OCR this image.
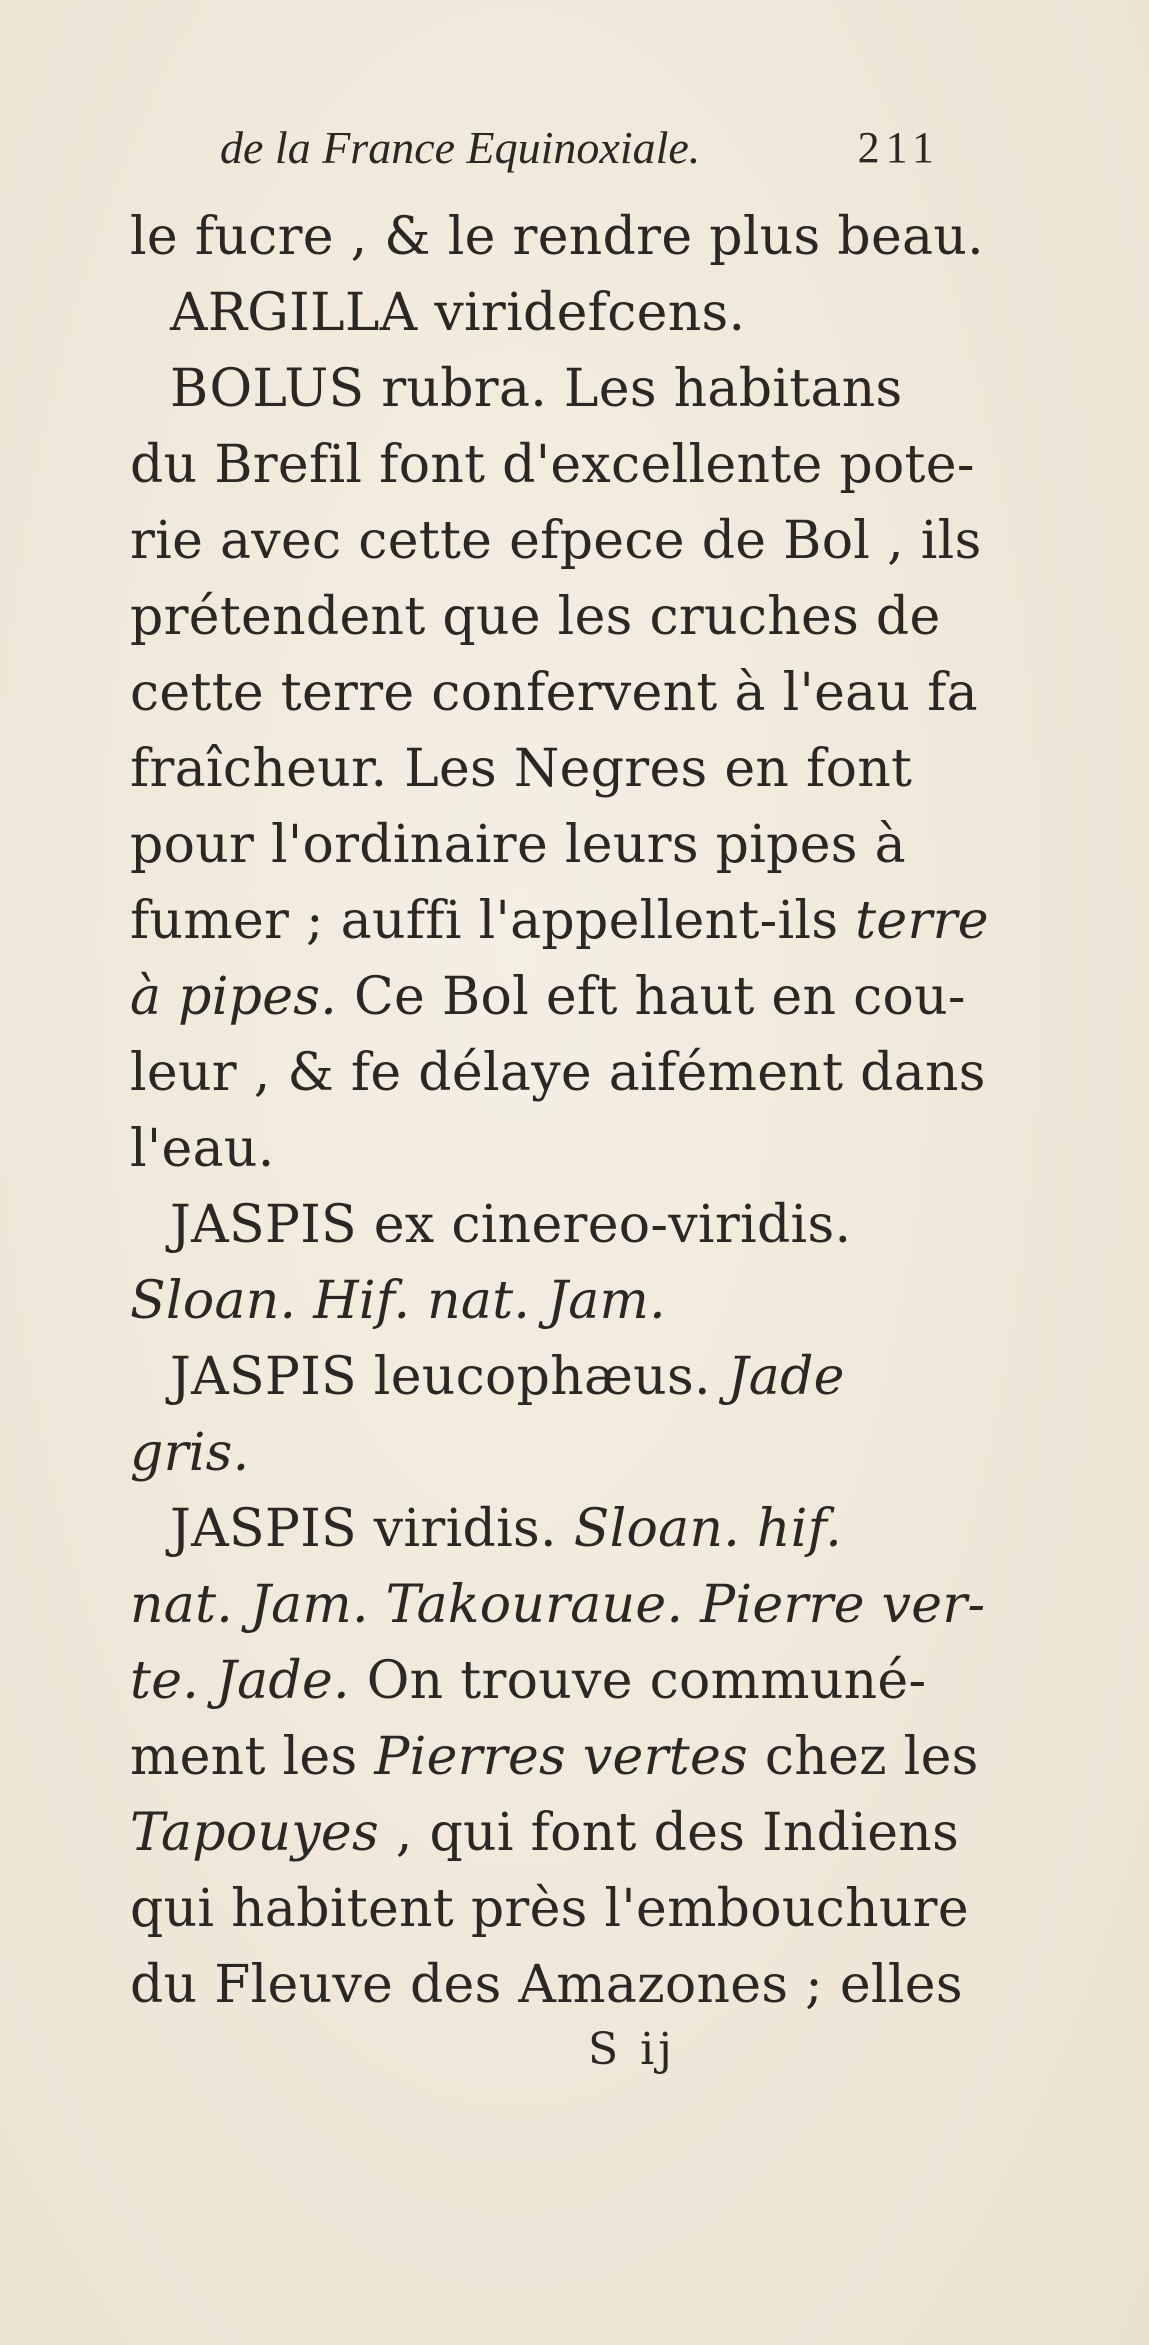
de la France Equinoxiale.	211
le fucre , & le rendre plus beau.
ARGILLA viridefcens.
BOLUS rubra. Les habitans
du Brefil font d'excellente pote-
rie avec cette efpece de Bol , ils
prétendent que les cruches de
cette terre confervent à l'eau fa
fraîcheur. Les Negres en font
pour l'ordinaire leurs pipes à
fumer ; auffi l'appellent-ils terre
à pipes. Ce Bol eft haut en cou-
leur , & fe délaye aifément dans
l'eau.
JASPIS ex cinereo-viridis.
Sloan. Hif. nat. Jam.
JASPIS leucophæus. Jade
gris.
JASPIS viridis. Sloan. hif.
nat. Jam. Takouraue. Pierre ver-
te. Jade. On trouve communé-
ment les Pierres vertes chez les
Tapouyes , qui font des Indiens
qui habitent près l'embouchure
du Fleuve des Amazones ; elles
S ij
